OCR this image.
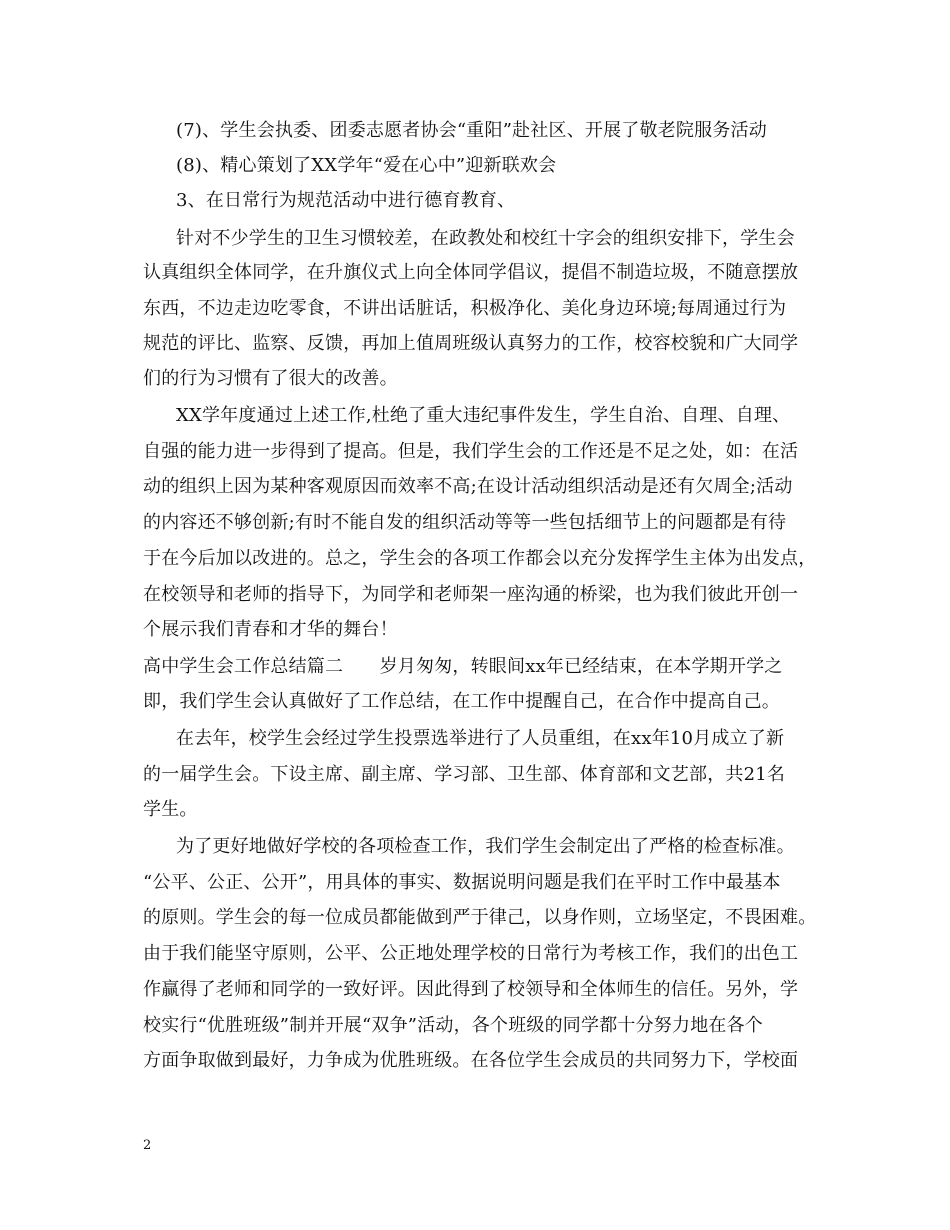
(7)、学生会执委、团委志愿者协会“重阳”赴社区、开展了敬老院服务活动
(8)、精心策划了XX学年“爱在心中”迎新联欢会
3、在日常行为规范活动中进行德育教育、
针对不少学生的卫生习惯较差，在政教处和校红十字会的组织安排下，学生会
认真组织全体同学，在升旗仪式上向全体同学倡议，提倡不制造垃圾，不随意摆放
东西，不边走边吃零食，不讲出话脏话，积极净化、美化身边环境;每周通过行为
规范的评比、监察、反馈，再加上值周班级认真努力的工作，校容校貌和广大同学
们的行为习惯有了很大的改善。
XX学年度通过上述工作,杜绝了重大违纪事件发生，学生自治、自理、自理、
自强的能力进一步得到了提高。但是，我们学生会的工作还是不足之处，如：在活
动的组织上因为某种客观原因而效率不高;在设计活动组织活动是还有欠周全;活动
的内容还不够创新;有时不能自发的组织活动等等一些包括细节上的问题都是有待
于在今后加以改进的。总之，学生会的各项工作都会以充分发挥学生主体为出发点，
在校领导和老师的指导下，为同学和老师架一座沟通的桥梁，也为我们彼此开创一
个展示我们青春和才华的舞台！
高中学生会工作总结篇二　　岁月匆匆，转眼间xx年已经结束，在本学期开学之
即，我们学生会认真做好了工作总结，在工作中提醒自己，在合作中提高自己。
在去年，校学生会经过学生投票选举进行了人员重组，在xx年10月成立了新
的一届学生会。下设主席、副主席、学习部、卫生部、体育部和文艺部，共21名
学生。
为了更好地做好学校的各项检查工作，我们学生会制定出了严格的检查标准。
“公平、公正、公开”，用具体的事实、数据说明问题是我们在平时工作中最基本
的原则。学生会的每一位成员都能做到严于律己，以身作则，立场坚定，不畏困难。
由于我们能坚守原则，公平、公正地处理学校的日常行为考核工作，我们的出色工
作赢得了老师和同学的一致好评。因此得到了校领导和全体师生的信任。另外，学
校实行“优胜班级”制并开展“双争”活动，各个班级的同学都十分努力地在各个
方面争取做到最好，力争成为优胜班级。在各位学生会成员的共同努力下，学校面
2
